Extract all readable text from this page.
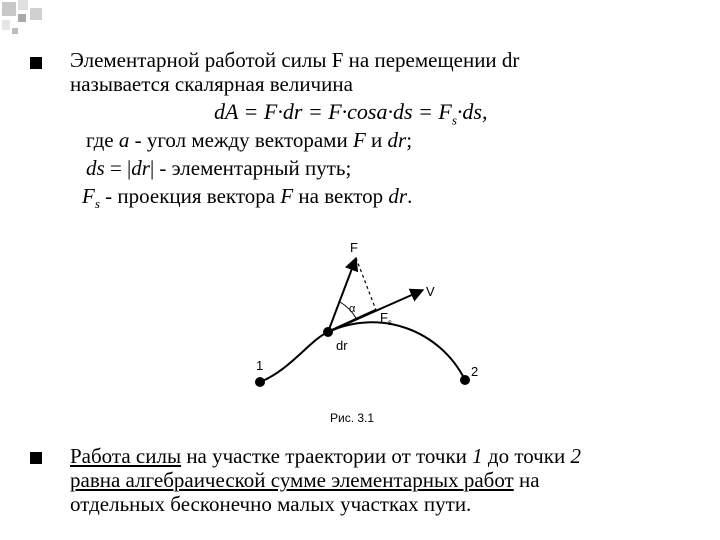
Элементарной работой силы F на перемещении dr
называется скалярная величина
dA = $F\cdot dr = F\cdot\cos a\cdot ds = F_s\cdot ds$,
где a - угол между векторами F и dr;
ds = |dr| - элементарный путь;
$F_s$ - проекция вектора F на вектор dr.
F
V
α
$F_s$
dr
1	2
Рис. 3.1
Работа силы на участке траектории от точки 1 до точки 2
равна алгебраической сумме элементарных работ на
отдельных бесконечно малых участках пути.
